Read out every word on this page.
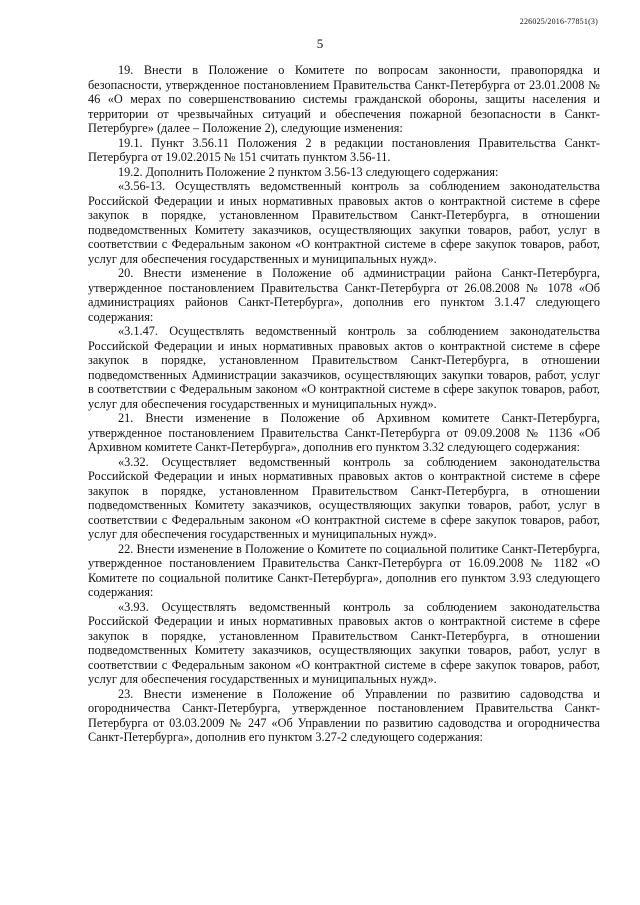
226025/2016-77851(3)
5

19. Внести в Положение о Комитете по вопросам законности, правопорядка и безопасности, утвержденное постановлением Правительства Санкт-Петербурга от 23.01.2008 № 46 «О мерах по совершенствованию системы гражданской обороны, защиты населения и территории от чрезвычайных ситуаций и обеспечения пожарной безопасности в Санкт-Петербурге» (далее – Положение 2), следующие изменения:

19.1. Пункт 3.56.11 Положения 2 в редакции постановления Правительства Санкт-Петербурга от 19.02.2015 № 151 считать пунктом 3.56-11.

19.2. Дополнить Положение 2 пунктом 3.56-13 следующего содержания:

«3.56-13. Осуществлять ведомственный контроль за соблюдением законодательства Российской Федерации и иных нормативных правовых актов о контрактной системе в сфере закупок в порядке, установленном Правительством Санкт-Петербурга, в отношении подведомственных Комитету заказчиков, осуществляющих закупки товаров, работ, услуг в соответствии с Федеральным законом «О контрактной системе в сфере закупок товаров, работ, услуг для обеспечения государственных и муниципальных нужд».

20. Внести изменение в Положение об администрации района Санкт-Петербурга, утвержденное постановлением Правительства Санкт-Петербурга от 26.08.2008 № 1078 «Об администрациях районов Санкт-Петербурга», дополнив его пунктом 3.1.47 следующего содержания:

«3.1.47. Осуществлять ведомственный контроль за соблюдением законодательства Российской Федерации и иных нормативных правовых актов о контрактной системе в сфере закупок в порядке, установленном Правительством Санкт-Петербурга, в отношении подведомственных Администрации заказчиков, осуществляющих закупки товаров, работ, услуг в соответствии с Федеральным законом «О контрактной системе в сфере закупок товаров, работ, услуг для обеспечения государственных и муниципальных нужд».

21. Внести изменение в Положение об Архивном комитете Санкт-Петербурга, утвержденное постановлением Правительства Санкт-Петербурга от 09.09.2008 № 1136 «Об Архивном комитете Санкт-Петербурга», дополнив его пунктом 3.32 следующего содержания:

«3.32. Осуществляет ведомственный контроль за соблюдением законодательства Российской Федерации и иных нормативных правовых актов о контрактной системе в сфере закупок в порядке, установленном Правительством Санкт-Петербурга, в отношении подведомственных Комитету заказчиков, осуществляющих закупки товаров, работ, услуг в соответствии с Федеральным законом «О контрактной системе в сфере закупок товаров, работ, услуг для обеспечения государственных и муниципальных нужд».

22. Внести изменение в Положение о Комитете по социальной политике Санкт-Петербурга, утвержденное постановлением Правительства Санкт-Петербурга от 16.09.2008 № 1182 «О Комитете по социальной политике Санкт-Петербурга», дополнив его пунктом 3.93 следующего содержания:

«3.93. Осуществлять ведомственный контроль за соблюдением законодательства Российской Федерации и иных нормативных правовых актов о контрактной системе в сфере закупок в порядке, установленном Правительством Санкт-Петербурга, в отношении подведомственных Комитету заказчиков, осуществляющих закупки товаров, работ, услуг в соответствии с Федеральным законом «О контрактной системе в сфере закупок товаров, работ, услуг для обеспечения государственных и муниципальных нужд».

23. Внести изменение в Положение об Управлении по развитию садоводства и огородничества Санкт-Петербурга, утвержденное постановлением Правительства Санкт-Петербурга от 03.03.2009 № 247 «Об Управлении по развитию садоводства и огородничества Санкт-Петербурга», дополнив его пунктом 3.27-2 следующего содержания:
